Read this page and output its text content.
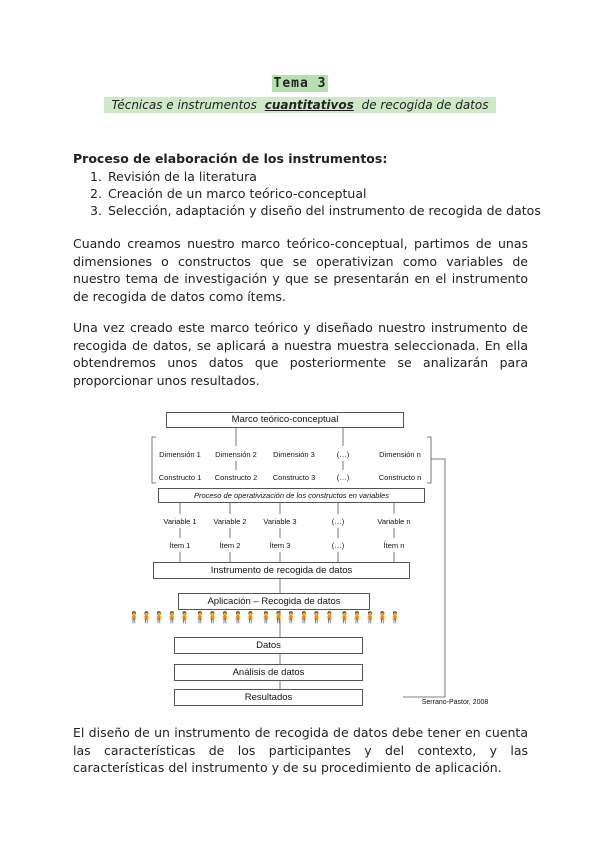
Tema 3
Técnicas e instrumentos cuantitativos de recogida de datos
Proceso de elaboración de los instrumentos:
1. Revisión de la literatura
2. Creación de un marco teórico-conceptual
3. Selección, adaptación y diseño del instrumento de recogida de datos
Cuando creamos nuestro marco teórico-conceptual, partimos de unas dimensiones o constructos que se operativizan como variables de nuestro tema de investigación y que se presentarán en el instrumento de recogida de datos como ítems.
Una vez creado este marco teórico y diseñado nuestro instrumento de recogida de datos, se aplicará a nuestra muestra seleccionada. En ella obtendremos unos datos que posteriormente se analizarán para proporcionar unos resultados.
Marco teórico-conceptual
Dimensión 1	Dimensión 2	Dimensión 3	(…)	Dimensión n
Constructo 1	Constructo 2	Constructo 3	(…)	Constructo n
Proceso de operativización de los constructos en variables
Variable 1	Variable 2	Variable 3	(…)	Variable n
Ítem 1	Ítem 2	Ítem 3	(…)	Ítem n
Instrumento de recogida de datos
Aplicación – Recogida de datos
🧍🧍🧍🧍🧍 🧍🧍🧍🧍🧍 🧍🧍🧍🧍🧍🧍 🧍🧍🧍🧍🧍
Datos
Análisis de datos
Resultados	Serrano-Pastor, 2008
El diseño de un instrumento de recogida de datos debe tener en cuenta las características de los participantes y del contexto, y las características del instrumento y de su procedimiento de aplicación.
